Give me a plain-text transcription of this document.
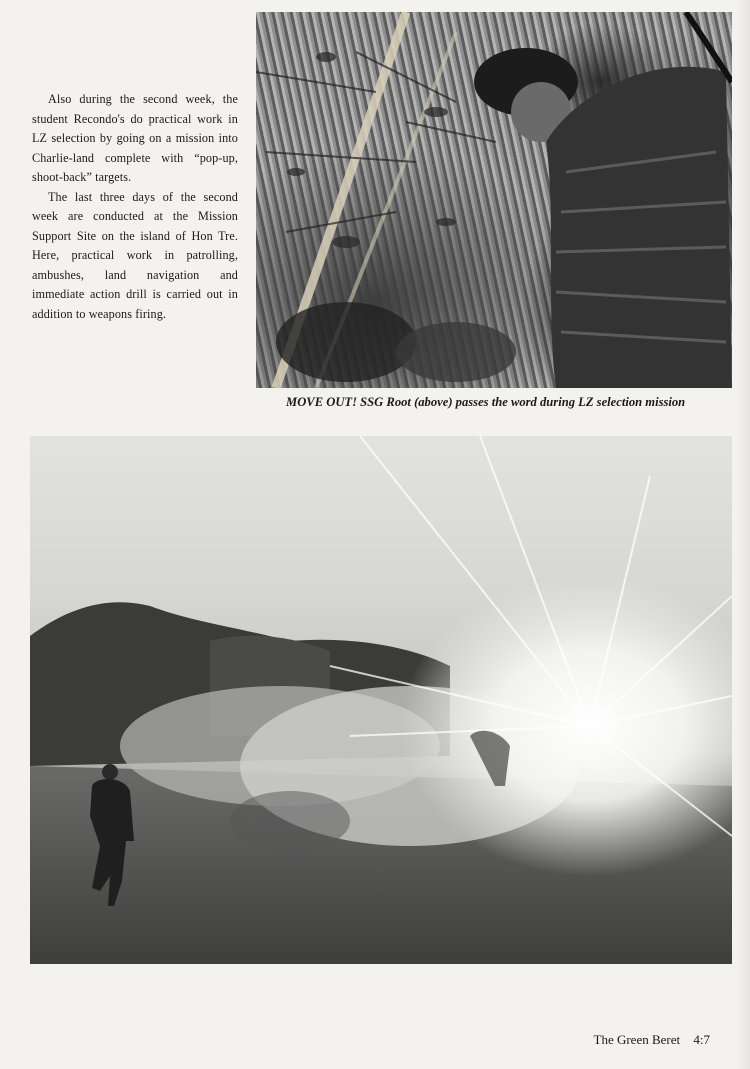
Also during the second week, the student Recondo's do practical work in LZ selection by going on a mission into Charlie-land complete with “pop-up, shoot-back” targets.

The last three days of the second week are conducted at the Mission Support Site on the island of Hon Tre. Here, practical work in patrolling, ambushes, land navigation and immediate action drill is carried out in addition to weapons firing.

MOVE OUT! SSG Root (above) passes the word during LZ selection mission
The Green Beret 4:7
